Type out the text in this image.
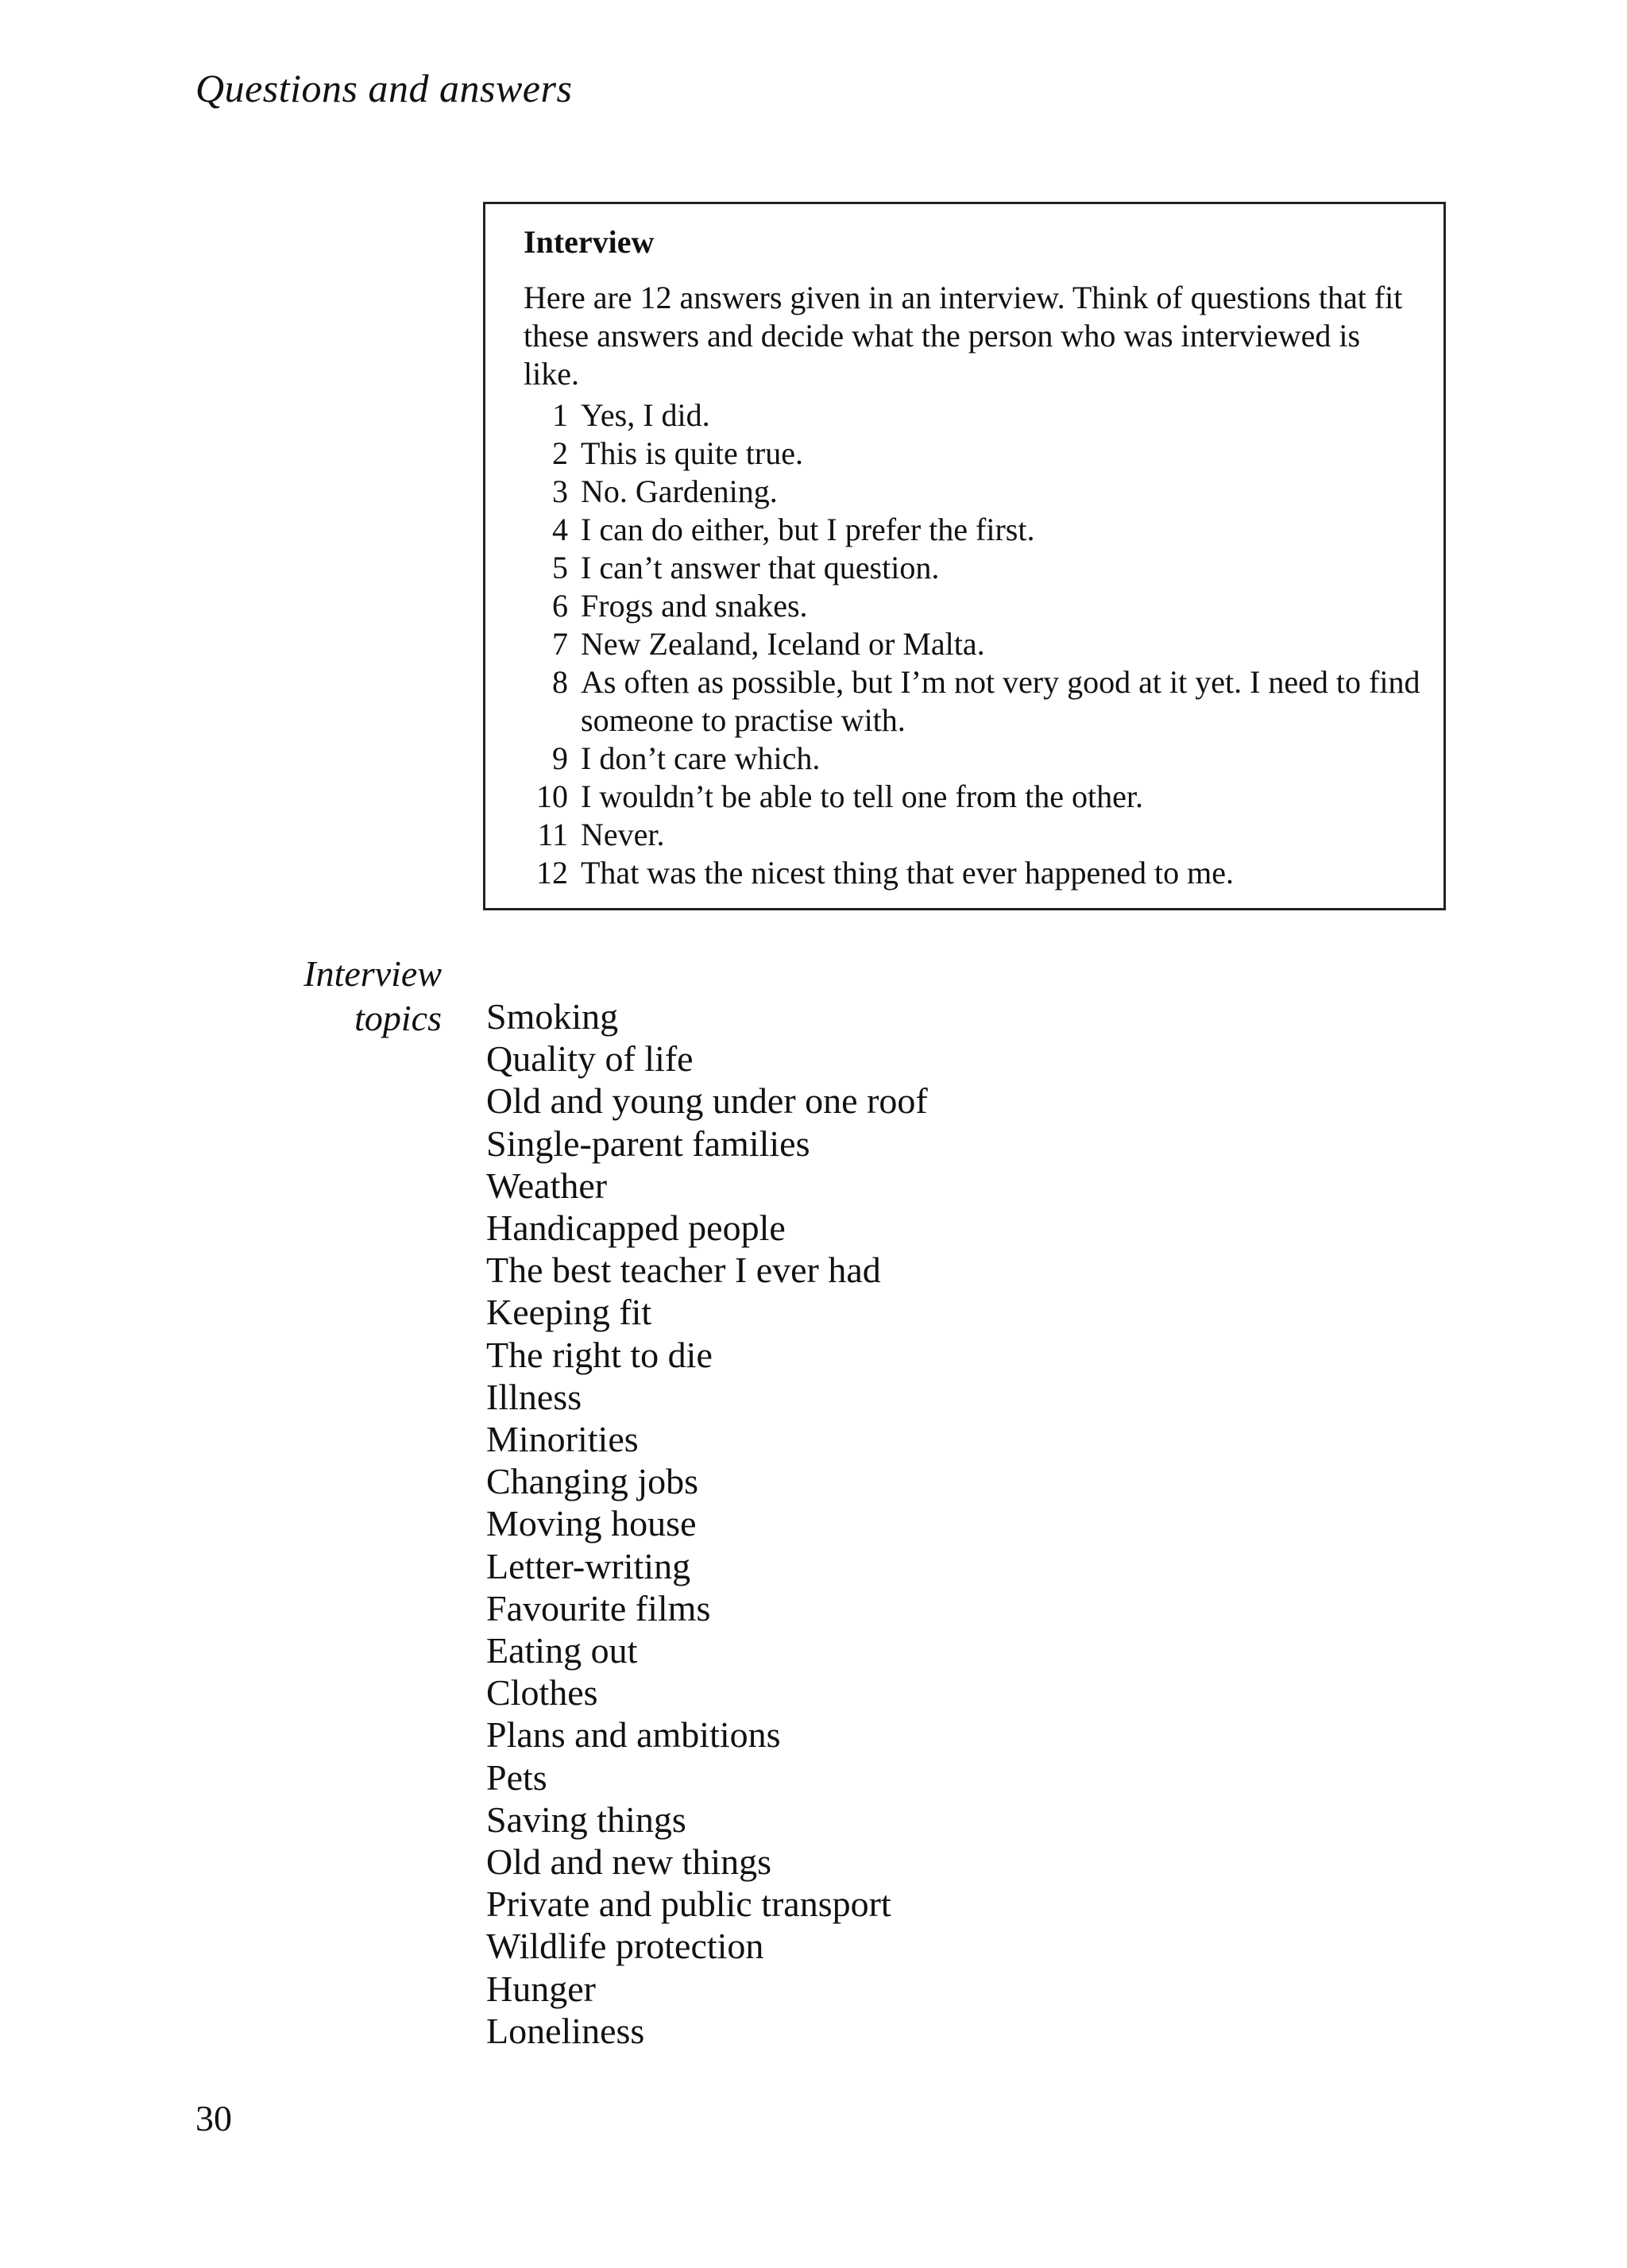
Questions and answers
Interview
Here are 12 answers given in an interview. Think of questions that fit these answers and decide what the person who was interviewed is like.
1 Yes, I did.
2 This is quite true.
3 No. Gardening.
4 I can do either, but I prefer the first.
5 I can’t answer that question.
6 Frogs and snakes.
7 New Zealand, Iceland or Malta.
8 As often as possible, but I’m not very good at it yet. I need to find someone to practise with.
9 I don’t care which.
10 I wouldn’t be able to tell one from the other.
11 Never.
12 That was the nicest thing that ever happened to me.
Interview
topics Smoking
Quality of life
Old and young under one roof
Single-parent families
Weather
Handicapped people
The best teacher I ever had
Keeping fit
The right to die
Illness
Minorities
Changing jobs
Moving house
Letter-writing
Favourite films
Eating out
Clothes
Plans and ambitions
Pets
Saving things
Old and new things
Private and public transport
Wildlife protection
Hunger
Loneliness
30
